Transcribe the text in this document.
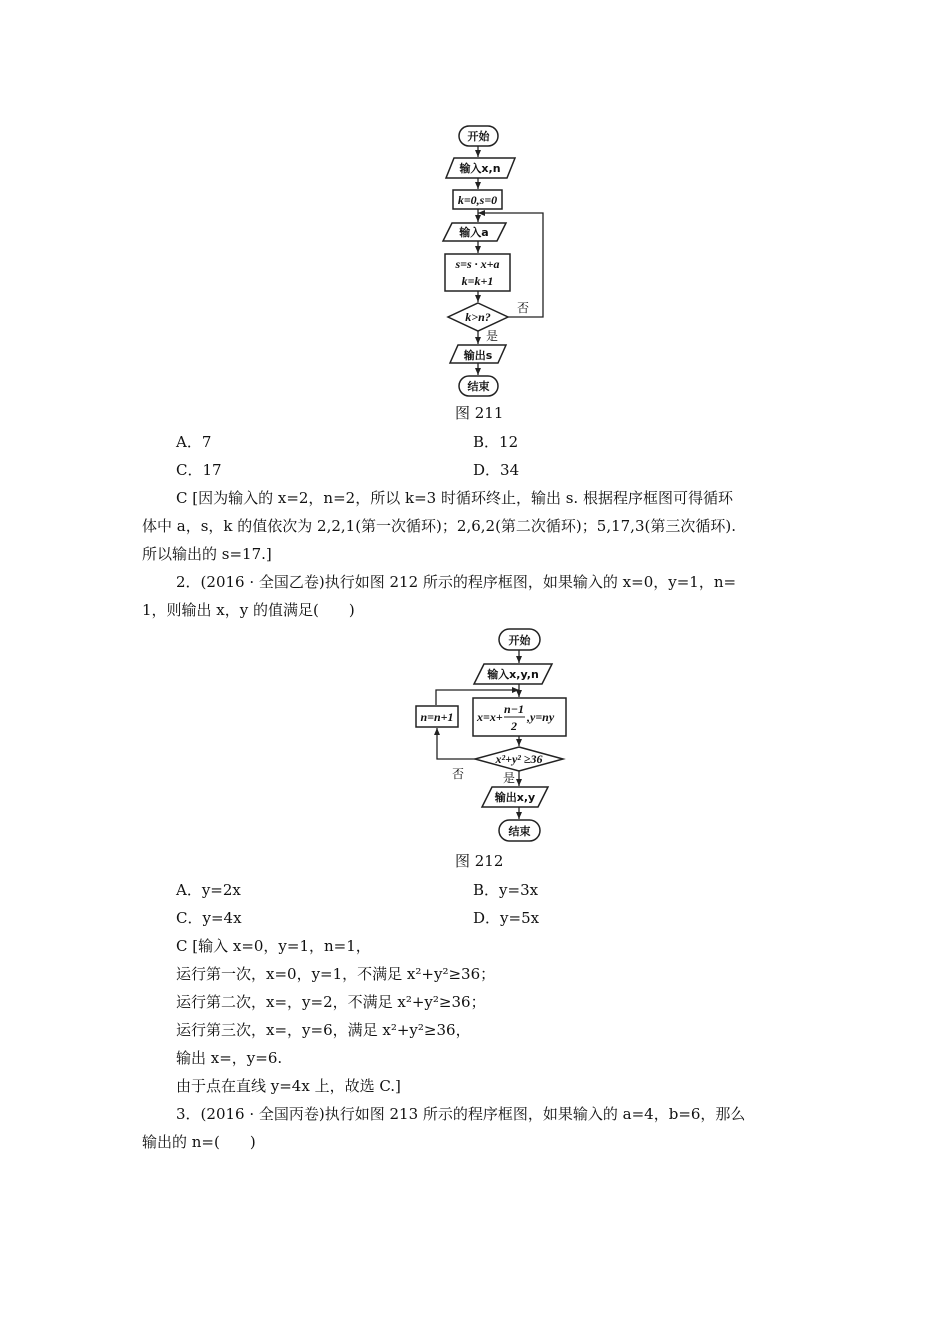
开始
输入x,n
k=0,s=0
输入a
s=s · x+a
k=k+1
k>n?
否
是
输出s
结束
图 211
A．7	B．12
C．17	D．34
C [因为输入的 x=2，n=2，所以 k=3 时循环终止，输出 s. 根据程序框图可得循环
体中 a，s，k 的值依次为 2,2,1(第一次循环)；2,6,2(第二次循环)；5,17,3(第三次循环).
所以输出的 s=17.]
2．(2016 · 全国乙卷)执行如图 212 所示的程序框图，如果输入的 x=0，y=1，n=
1，则输出 x，y 的值满足(　　)
开始
输入x,y,n
x=x+
n−1
2
,y=ny
n=n+1
x²+y² ≥36
否	是
输出x,y
结束
图 212
A．y=2x	B．y=3x
C．y=4x	D．y=5x
C [输入 x=0，y=1，n=1，
运行第一次，x=0，y=1，不满足 x²+y²≥36；
运行第二次，x=，y=2，不满足 x²+y²≥36；
运行第三次，x=，y=6，满足 x²+y²≥36，
输出 x=，y=6.
由于点在直线 y=4x 上，故选 C.]
3．(2016 · 全国丙卷)执行如图 213 所示的程序框图，如果输入的 a=4，b=6，那么
输出的 n=(　　)
